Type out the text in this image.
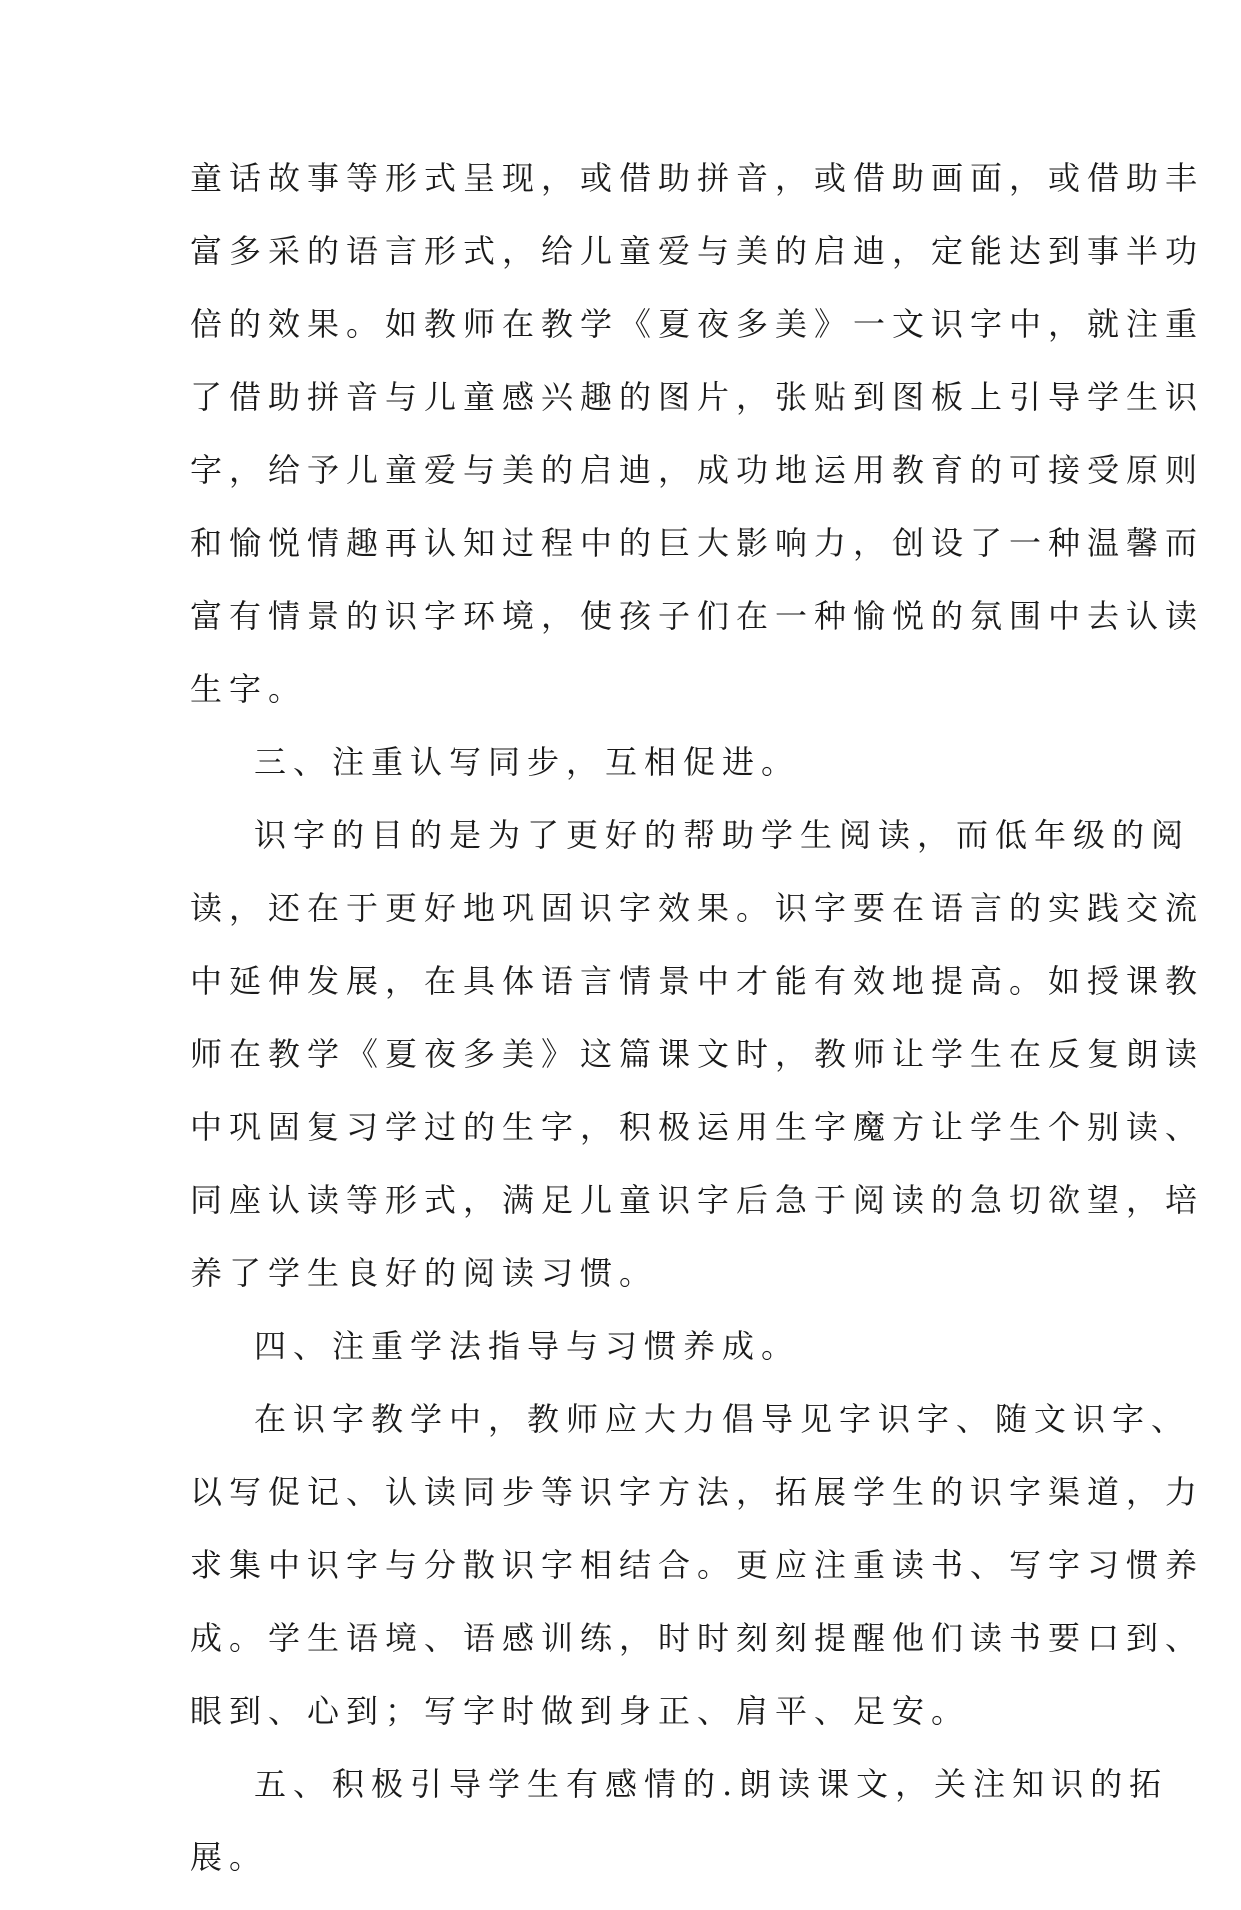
童话故事等形式呈现，或借助拼音，或借助画面，或借助丰
富多采的语言形式，给儿童爱与美的启迪，定能达到事半功
倍的效果。如教师在教学《夏夜多美》一文识字中，就注重
了借助拼音与儿童感兴趣的图片，张贴到图板上引导学生识
字，给予儿童爱与美的启迪，成功地运用教育的可接受原则
和愉悦情趣再认知过程中的巨大影响力，创设了一种温馨而
富有情景的识字环境，使孩子们在一种愉悦的氛围中去认读
生字。
三、注重认写同步，互相促进。
识字的目的是为了更好的帮助学生阅读，而低年级的阅
读，还在于更好地巩固识字效果。识字要在语言的实践交流
中延伸发展，在具体语言情景中才能有效地提高。如授课教
师在教学《夏夜多美》这篇课文时，教师让学生在反复朗读
中巩固复习学过的生字，积极运用生字魔方让学生个别读、
同座认读等形式，满足儿童识字后急于阅读的急切欲望，培
养了学生良好的阅读习惯。
四、注重学法指导与习惯养成。
在识字教学中，教师应大力倡导见字识字、随文识字、
以写促记、认读同步等识字方法，拓展学生的识字渠道，力
求集中识字与分散识字相结合。更应注重读书、写字习惯养
成。学生语境、语感训练，时时刻刻提醒他们读书要口到、
眼到、心到；写字时做到身正、肩平、足安。
五、积极引导学生有感情的.朗读课文，关注知识的拓
展。
